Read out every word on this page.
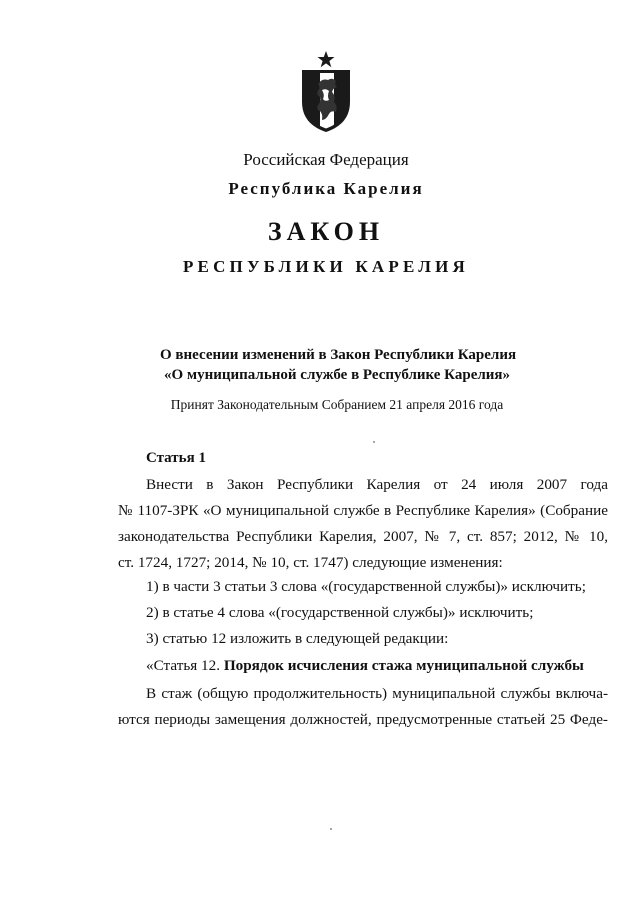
Российская Федерация
Республика Карелия
ЗАКОН
РЕСПУБЛИКИ КАРЕЛИЯ
О внесении изменений в Закон Республики Карелия
«О муниципальной службе в Республике Карелия»
Принят Законодательным Собранием 21 апреля 2016 года
Статья 1
Внести в Закон Республики Карелия от 24 июля 2007 года
№ 1107-ЗРК «О муниципальной службе в Республике Карелия» (Собрание
законодательства Республики Карелия, 2007, № 7, ст. 857; 2012, № 10,
ст. 1724, 1727; 2014, № 10, ст. 1747) следующие изменения:
1) в части 3 статьи 3 слова «(государственной службы)» исключить;
2) в статье 4 слова «(государственной службы)» исключить;
3) статью 12 изложить в следующей редакции:
«Статья 12. Порядок исчисления стажа муниципальной службы
В стаж (общую продолжительность) муниципальной службы включа-
ются периоды замещения должностей, предусмотренные статьей 25 Феде-
